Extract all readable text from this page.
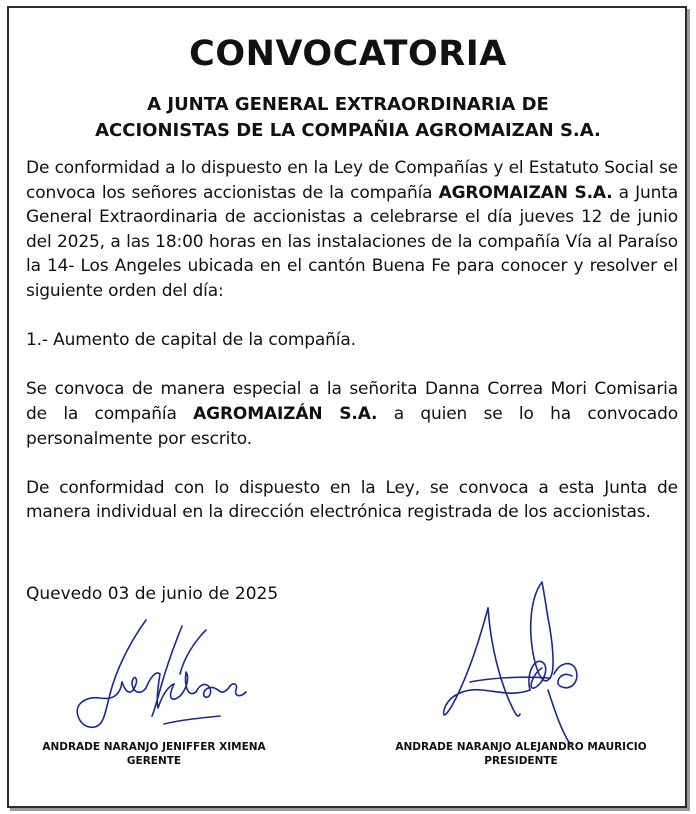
CONVOCATORIA
A JUNTA GENERAL EXTRAORDINARIA DE
ACCIONISTAS DE LA COMPAÑIA AGROMAIZAN S.A.

De conformidad a lo dispuesto en la Ley de Compañías y el Estatuto Social se convoca los señores accionistas de la compañía AGROMAIZAN S.A. a Junta General Extraordinaria de accionistas a celebrarse el día jueves 12 de junio del 2025, a las 18:00 horas en las instalaciones de la compañía Vía al Paraíso la 14- Los Angeles ubicada en el cantón Buena Fe para conocer y resolver el siguiente orden del día:

1.- Aumento de capital de la compañía.

Se convoca de manera especial a la señorita Danna Correa Mori Comisaria de la compañía AGROMAIZÁN S.A. a quien se lo ha convocado personalmente por escrito.

De conformidad con lo dispuesto en la Ley, se convoca a esta Junta de manera individual en la dirección electrónica registrada de los accionistas.

Quevedo 03 de junio de 2025

ANDRADE NARANJO JENIFFER XIMENA
GERENTE
ANDRADE NARANJO ALEJANDRO MAURICIO
PRESIDENTE
